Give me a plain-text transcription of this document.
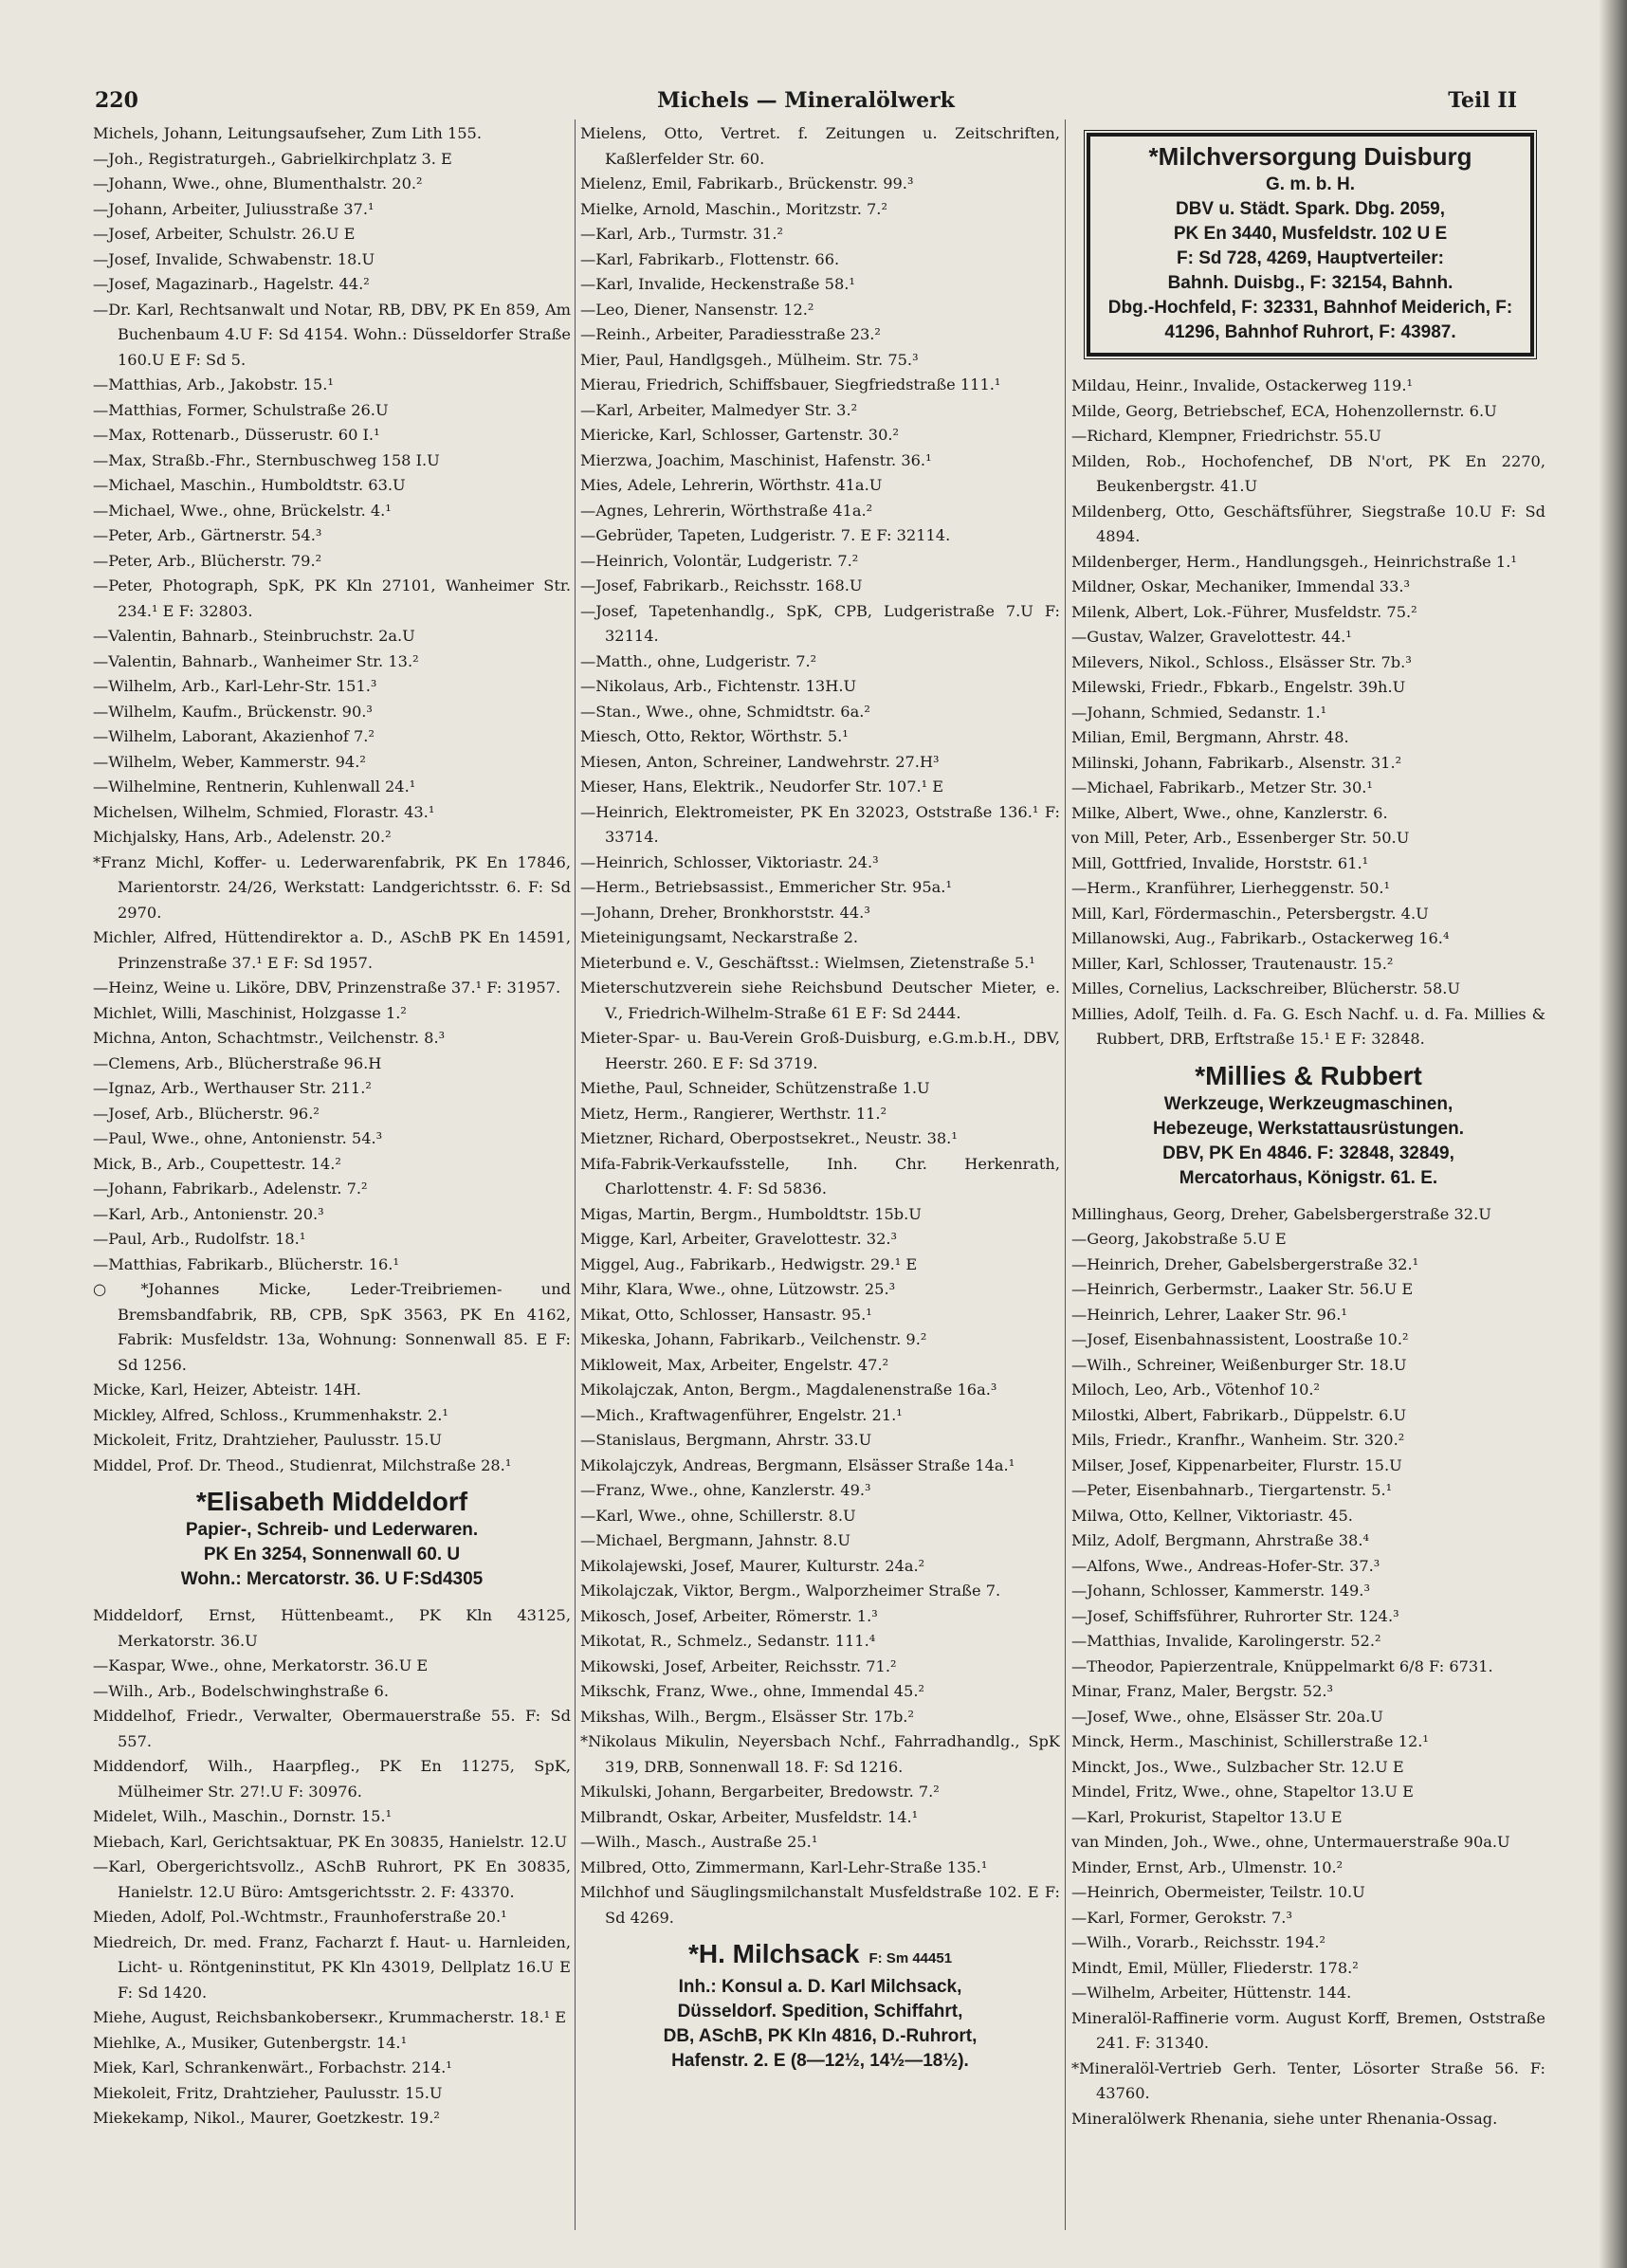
220	Michels — Mineralölwerk	Teil II
Michels, Johann, Leitungsaufseher, Zum Lith 155.
—Joh., Registraturgeh., Gabrielkirchplatz 3. E
—Johann, Wwe., ohne, Blumenthalstr. 20.²
—Johann, Arbeiter, Juliusstraße 37.¹
—Josef, Arbeiter, Schulstr. 26.U E
—Josef, Invalide, Schwabenstr. 18.U
—Josef, Magazinarb., Hagelstr. 44.²
—Dr. Karl, Rechtsanwalt und Notar, RB, DBV, PK En 859, Am Buchenbaum 4.U F: Sd 4154. Wohn.: Düsseldorfer Straße 160.U E F: Sd 5.
—Matthias, Arb., Jakobstr. 15.¹
—Matthias, Former, Schulstraße 26.U
—Max, Rottenarb., Düsserustr. 60 I.¹
—Max, Straßb.-Fhr., Sternbuschweg 158 I.U
—Michael, Maschin., Humboldtstr. 63.U
—Michael, Wwe., ohne, Brückelstr. 4.¹
—Peter, Arb., Gärtnerstr. 54.³
—Peter, Arb., Blücherstr. 79.²
—Peter, Photograph, SpK, PK Kln 27101, Wanheimer Str. 234.¹ E F: 32803.
—Valentin, Bahnarb., Steinbruchstr. 2a.U
—Valentin, Bahnarb., Wanheimer Str. 13.²
—Wilhelm, Arb., Karl-Lehr-Str. 151.³
—Wilhelm, Kaufm., Brückenstr. 90.³
—Wilhelm, Laborant, Akazienhof 7.²
—Wilhelm, Weber, Kammerstr. 94.²
—Wilhelmine, Rentnerin, Kuhlenwall 24.¹
Michelsen, Wilhelm, Schmied, Florastr. 43.¹
Michjalsky, Hans, Arb., Adelenstr. 20.²
*Franz Michl, Koffer- u. Lederwarenfabrik, PK En 17846, Marientorstr. 24/26, Werkstatt: Landgerichtsstr. 6. F: Sd 2970.
Michler, Alfred, Hüttendirektor a. D., ASchB PK En 14591, Prinzenstraße 37.¹ E F: Sd 1957.
—Heinz, Weine u. Liköre, DBV, Prinzenstraße 37.¹ F: 31957.
Michlet, Willi, Maschinist, Holzgasse 1.²
Michna, Anton, Schachtmstr., Veilchenstr. 8.³
—Clemens, Arb., Blücherstraße 96.H
—Ignaz, Arb., Werthauser Str. 211.²
—Josef, Arb., Blücherstr. 96.²
—Paul, Wwe., ohne, Antonienstr. 54.³
Mick, B., Arb., Coupettestr. 14.²
—Johann, Fabrikarb., Adelenstr. 7.²
—Karl, Arb., Antonienstr. 20.³
—Paul, Arb., Rudolfstr. 18.¹
—Matthias, Fabrikarb., Blücherstr. 16.¹
○*Johannes Micke, Leder-Treibriemen- und Bremsbandfabrik, RB, CPB, SpK 3563, PK En 4162, Fabrik: Musfeldstr. 13a, Wohnung: Sonnenwall 85. E F: Sd 1256.
Micke, Karl, Heizer, Abteistr. 14H.
Mickley, Alfred, Schloss., Krummenhakstr. 2.¹
Mickoleit, Fritz, Drahtzieher, Paulusstr. 15.U
Middel, Prof. Dr. Theod., Studienrat, Milchstraße 28.¹
*Elisabeth Middeldorf
Papier-, Schreib- und Lederwaren.
PK En 3254, Sonnenwall 60. U
Wohn.: Mercatorstr. 36. U F:Sd4305
Middeldorf, Ernst, Hüttenbeamt., PK Kln 43125, Merkatorstr. 36.U
—Kaspar, Wwe., ohne, Merkatorstr. 36.U E
—Wilh., Arb., Bodelschwinghstraße 6.
Middelhof, Friedr., Verwalter, Obermauerstraße 55. F: Sd 557.
Middendorf, Wilh., Haarpfleg., PK En 11275, SpK, Mülheimer Str. 27!.U F: 30976.
Midelet, Wilh., Maschin., Dornstr. 15.¹
Miebach, Karl, Gerichtsaktuar, PK En 30835, Hanielstr. 12.U
—Karl, Obergerichtsvollz., ASchB Ruhrort, PK En 30835, Hanielstr. 12.U Büro: Amtsgerichtsstr. 2. F: 43370.
Mieden, Adolf, Pol.-Wchtmstr., Fraunhoferstraße 20.¹
Miedreich, Dr. med. Franz, Facharzt f. Haut- u. Harnleiden, Licht- u. Röntgeninstitut, PK Kln 43019, Dellplatz 16.U E F: Sd 1420.
Miehe, August, Reichsbankoberseкr., Krummacherstr. 18.¹ E
Miehlke, A., Musiker, Gutenbergstr. 14.¹
Miek, Karl, Schrankenwärt., Forbachstr. 214.¹
Miekoleit, Fritz, Drahtzieher, Paulusstr. 15.U
Miekekamp, Nikol., Maurer, Goetzkestr. 19.²
Mielens, Otto, Vertret. f. Zeitungen u. Zeitschriften, Kaßlerfelder Str. 60.
Mielenz, Emil, Fabrikarb., Brückenstr. 99.³
Mielke, Arnold, Maschin., Moritzstr. 7.²
—Karl, Arb., Turmstr. 31.²
—Karl, Fabrikarb., Flottenstr. 66.
—Karl, Invalide, Heckenstraße 58.¹
—Leo, Diener, Nansenstr. 12.²
—Reinh., Arbeiter, Paradiesstraße 23.²
Mier, Paul, Handlgsgeh., Mülheim. Str. 75.³
Mierau, Friedrich, Schiffsbauer, Siegfriedstraße 111.¹
—Karl, Arbeiter, Malmedyer Str. 3.²
Miericke, Karl, Schlosser, Gartenstr. 30.²
Mierzwa, Joachim, Maschinist, Hafenstr. 36.¹
Mies, Adele, Lehrerin, Wörthstr. 41a.U
—Agnes, Lehrerin, Wörthstraße 41a.²
—Gebrüder, Tapeten, Ludgeristr. 7. E F: 32114.
—Heinrich, Volontär, Ludgeristr. 7.²
—Josef, Fabrikarb., Reichsstr. 168.U
—Josef, Tapetenhandlg., SpK, CPB, Ludgeristraße 7.U F: 32114.
—Matth., ohne, Ludgeristr. 7.²
—Nikolaus, Arb., Fichtenstr. 13H.U
—Stan., Wwe., ohne, Schmidtstr. 6a.²
Miesch, Otto, Rektor, Wörthstr. 5.¹
Miesen, Anton, Schreiner, Landwehrstr. 27.H³
Mieser, Hans, Elektrik., Neudorfer Str. 107.¹ E
—Heinrich, Elektromeister, PK En 32023, Oststraße 136.¹ F: 33714.
—Heinrich, Schlosser, Viktoriastr. 24.³
—Herm., Betriebsassist., Emmericher Str. 95a.¹
—Johann, Dreher, Bronkhorststr. 44.³
Mieteinigungsamt, Neckarstraße 2.
Mieterbund e. V., Geschäftsst.: Wielmsen, Zietenstraße 5.¹
Mieterschutzverein siehe Reichsbund Deutscher Mieter, e. V., Friedrich-Wilhelm-Straße 61 E F: Sd 2444.
Mieter-Spar- u. Bau-Verein Groß-Duisburg, e.G.m.b.H., DBV, Heerstr. 260. E F: Sd 3719.
Miethe, Paul, Schneider, Schützenstraße 1.U
Mietz, Herm., Rangierer, Werthstr. 11.²
Mietzner, Richard, Oberpostsekret., Neustr. 38.¹
Mifa-Fabrik-Verkaufsstelle, Inh. Chr. Herkenrath, Charlottenstr. 4. F: Sd 5836.
Migas, Martin, Bergm., Humboldtstr. 15b.U
Migge, Karl, Arbeiter, Gravelottestr. 32.³
Miggel, Aug., Fabrikarb., Hedwigstr. 29.¹ E
Mihr, Klara, Wwe., ohne, Lützowstr. 25.³
Mikat, Otto, Schlosser, Hansastr. 95.¹
Mikeska, Johann, Fabrikarb., Veilchenstr. 9.²
Mikloweit, Max, Arbeiter, Engelstr. 47.²
Mikolajczak, Anton, Bergm., Magdalenenstraße 16a.³
—Mich., Kraftwagenführer, Engelstr. 21.¹
—Stanislaus, Bergmann, Ahrstr. 33.U
Mikolajczyk, Andreas, Bergmann, Elsässer Straße 14a.¹
—Franz, Wwe., ohne, Kanzlerstr. 49.³
—Karl, Wwe., ohne, Schillerstr. 8.U
—Michael, Bergmann, Jahnstr. 8.U
Mikolajewski, Josef, Maurer, Kulturstr. 24a.²
Mikolajczak, Viktor, Bergm., Walporzheimer Straße 7.
Mikosch, Josef, Arbeiter, Römerstr. 1.³
Mikotat, R., Schmelz., Sedanstr. 111.⁴
Mikowski, Josef, Arbeiter, Reichsstr. 71.²
Mikschk, Franz, Wwe., ohne, Immendal 45.²
Mikshas, Wilh., Bergm., Elsässer Str. 17b.²
*Nikolaus Mikulin, Neyersbach Nchf., Fahrradhandlg., SpK 319, DRB, Sonnenwall 18. F: Sd 1216.
Mikulski, Johann, Bergarbeiter, Bredowstr. 7.²
Milbrandt, Oskar, Arbeiter, Musfeldstr. 14.¹
—Wilh., Masch., Austraße 25.¹
Milbred, Otto, Zimmermann, Karl-Lehr-Straße 135.¹
Milchhof und Säuglingsmilchanstalt Musfeldstraße 102. E F: Sd 4269.
*H. Milchsack F: Sm 44451
Inh.: Konsul a. D. Karl Milchsack,
Düsseldorf. Spedition, Schiffahrt,
DB, ASchB, PK Kln 4816, D.-Ruhrort,
Hafenstr. 2. E (8—12½, 14½—18½).
*Milchversorgung Duisburg
G. m. b. H.
DBV u. Städt. Spark. Dbg. 2059,
PK En 3440, Musfeldstr. 102 U E
F: Sd 728, 4269, Hauptverteiler:
Bahnh. Duisbg., F: 32154, Bahnh.
Dbg.-Hochfeld, F: 32331, Bahnhof Meiderich, F: 41296, Bahnhof Ruhrort, F: 43987.
Mildau, Heinr., Invalide, Ostackerweg 119.¹
Milde, Georg, Betriebschef, ECA, Hohenzollernstr. 6.U
—Richard, Klempner, Friedrichstr. 55.U
Milden, Rob., Hochofenchef, DB N'ort, PK En 2270, Beukenbergstr. 41.U
Mildenberg, Otto, Geschäftsführer, Siegstraße 10.U F: Sd 4894.
Mildenberger, Herm., Handlungsgeh., Heinrichstraße 1.¹
Mildner, Oskar, Mechaniker, Immendal 33.³
Milenk, Albert, Lok.-Führer, Musfeldstr. 75.²
—Gustav, Walzer, Gravelottestr. 44.¹
Milevers, Nikol., Schloss., Elsässer Str. 7b.³
Milewski, Friedr., Fbkarb., Engelstr. 39h.U
—Johann, Schmied, Sedanstr. 1.¹
Milian, Emil, Bergmann, Ahrstr. 48.
Milinski, Johann, Fabrikarb., Alsenstr. 31.²
—Michael, Fabrikarb., Metzer Str. 30.¹
Milke, Albert, Wwe., ohne, Kanzlerstr. 6.
von Mill, Peter, Arb., Essenberger Str. 50.U
Mill, Gottfried, Invalide, Horststr. 61.¹
—Herm., Kranführer, Lierheggenstr. 50.¹
Mill, Karl, Fördermaschin., Petersbergstr. 4.U
Millanowski, Aug., Fabrikarb., Ostackerweg 16.⁴
Miller, Karl, Schlosser, Trautenaustr. 15.²
Milles, Cornelius, Lackschreiber, Blücherstr. 58.U
Millies, Adolf, Teilh. d. Fa. G. Esch Nachf. u. d. Fa. Millies & Rubbert, DRB, Erftstraße 15.¹ E F: 32848.
*Millies & Rubbert
Werkzeuge, Werkzeugmaschinen,
Hebezeuge, Werkstattausrüstungen.
DBV, PK En 4846. F: 32848, 32849,
Mercatorhaus, Königstr. 61. E.
Millinghaus, Georg, Dreher, Gabelsbergerstraße 32.U
—Georg, Jakobstraße 5.U E
—Heinrich, Dreher, Gabelsbergerstraße 32.¹
—Heinrich, Gerbermstr., Laaker Str. 56.U E
—Heinrich, Lehrer, Laaker Str. 96.¹
—Josef, Eisenbahnassistent, Loostraße 10.²
—Wilh., Schreiner, Weißenburger Str. 18.U
Miloch, Leo, Arb., Vötenhof 10.²
Milostki, Albert, Fabrikarb., Düppelstr. 6.U
Mils, Friedr., Kranfhr., Wanheim. Str. 320.²
Milser, Josef, Kippenarbeiter, Flurstr. 15.U
—Peter, Eisenbahnarb., Tiergartenstr. 5.¹
Milwa, Otto, Kellner, Viktoriastr. 45.
Milz, Adolf, Bergmann, Ahrstraße 38.⁴
—Alfons, Wwe., Andreas-Hofer-Str. 37.³
—Johann, Schlosser, Kammerstr. 149.³
—Josef, Schiffsführer, Ruhrorter Str. 124.³
—Matthias, Invalide, Karolingerstr. 52.²
—Theodor, Papierzentrale, Knüppelmarkt 6/8 F: 6731.
Minar, Franz, Maler, Bergstr. 52.³
—Josef, Wwe., ohne, Elsässer Str. 20a.U
Minck, Herm., Maschinist, Schillerstraße 12.¹
Minckt, Jos., Wwe., Sulzbacher Str. 12.U E
Mindel, Fritz, Wwe., ohne, Stapeltor 13.U E
—Karl, Prokurist, Stapeltor 13.U E
van Minden, Joh., Wwe., ohne, Untermauerstraße 90a.U
Minder, Ernst, Arb., Ulmenstr. 10.²
—Heinrich, Obermeister, Teilstr. 10.U
—Karl, Former, Gerokstr. 7.³
—Wilh., Vorarb., Reichsstr. 194.²
Mindt, Emil, Müller, Fliederstr. 178.²
—Wilhelm, Arbeiter, Hüttenstr. 144.
Mineralöl-Raffinerie vorm. August Korff, Bremen, Oststraße 241. F: 31340.
*Mineralöl-Vertrieb Gerh. Tenter, Lösorter Straße 56. F: 43760.
Mineralölwerk Rhenania, siehe unter Rhenania-Ossag.
